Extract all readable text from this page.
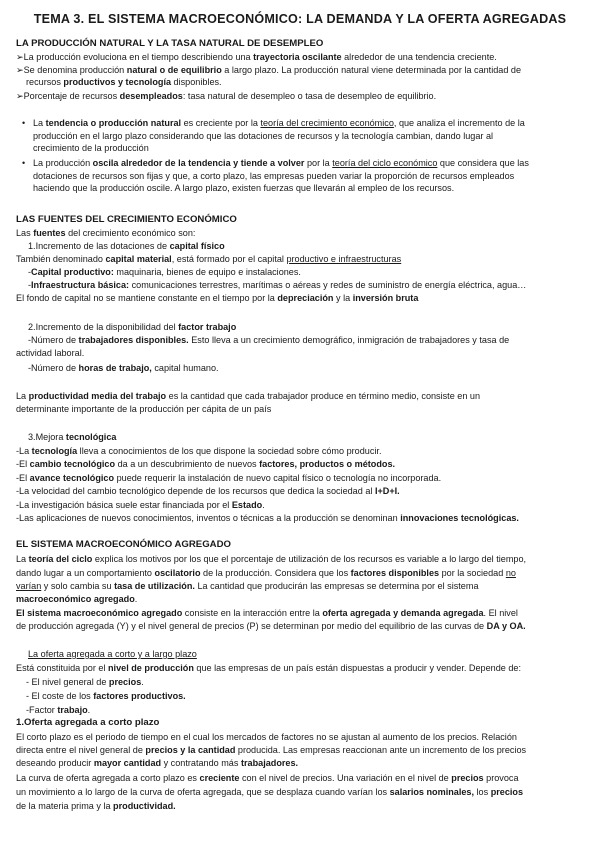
TEMA 3. EL SISTEMA MACROECONÓMICO: LA DEMANDA Y LA OFERTA AGREGADAS
LA PRODUCCIÓN NATURAL Y LA TASA NATURAL DE DESEMPLEO
➢La producción evoluciona en el tiempo describiendo una trayectoria oscilante alrededor de una tendencia creciente.
➢Se denomina producción natural o de equilibrio a largo plazo. La producción natural viene determinada por la cantidad de
recursos productivos y tecnología disponibles.
➢Porcentaje de recursos desempleados: tasa natural de desempleo o tasa de desempleo de equilibrio.
• La tendencia o producción natural es creciente por la teoría del crecimiento económico, que analiza el incremento de la
producción en el largo plazo considerando que las dotaciones de recursos y la tecnología cambian, dando lugar al
crecimiento de la producción
• La producción oscila alrededor de la tendencia y tiende a volver por la teoría del ciclo económico que considera que las
dotaciones de recursos son fijas y que, a corto plazo, las empresas pueden variar la proporción de recursos empleados
haciendo que la producción oscile. A largo plazo, existen fuerzas que llevarán al empleo de los recursos.
LAS FUENTES DEL CRECIMIENTO ECONÓMICO
Las fuentes del crecimiento económico son:
1.Incremento de las dotaciones de capital físico
También denominado capital material, está formado por el capital productivo e infraestructuras
-Capital productivo: maquinaria, bienes de equipo e instalaciones.
-Infraestructura básica: comunicaciones terrestres, marítimas o aéreas y redes de suministro de energía eléctrica, agua…
El fondo de capital no se mantiene constante en el tiempo por la depreciación y la inversión bruta
2.Incremento de la disponibilidad del factor trabajo
-Número de trabajadores disponibles. Esto lleva a un crecimiento demográfico, inmigración de trabajadores y tasa de
actividad laboral.
-Número de horas de trabajo, capital humano.
La productividad media del trabajo es la cantidad que cada trabajador produce en término medio, consiste en un
determinante importante de la producción per cápita de un país
3.Mejora tecnológica
-La tecnología lleva a conocimientos de los que dispone la sociedad sobre cómo producir.
-El cambio tecnológico da a un descubrimiento de nuevos factores, productos o métodos.
-El avance tecnológico puede requerir la instalación de nuevo capital físico o tecnología no incorporada.
-La velocidad del cambio tecnológico depende de los recursos que dedica la sociedad al I+D+I.
-La investigación básica suele estar financiada por el Estado.
-Las aplicaciones de nuevos conocimientos, inventos o técnicas a la producción se denominan innovaciones tecnológicas.
EL SISTEMA MACROECONÓMICO AGREGADO
La teoría del ciclo explica los motivos por los que el porcentaje de utilización de los recursos es variable a lo largo del tiempo,
dando lugar a un comportamiento oscilatorio de la producción. Considera que los factores disponibles por la sociedad no
varían y solo cambia su tasa de utilización. La cantidad que producirán las empresas se determina por el sistema
macroeconómico agregado.
El sistema macroeconómico agregado consiste en la interacción entre la oferta agregada y demanda agregada. El nivel
de producción agregada (Y) y el nivel general de precios (P) se determinan por medio del equilibrio de las curvas de DA y OA.
La oferta agregada a corto y a largo plazo
Está constituida por el nivel de producción que las empresas de un país están dispuestas a producir y vender. Depende de:
- El nivel general de precios.
- El coste de los factores productivos.
-Factor trabajo.
1.Oferta agregada a corto plazo
El corto plazo es el periodo de tiempo en el cual los mercados de factores no se ajustan al aumento de los precios. Relación
directa entre el nivel general de precios y la cantidad producida. Las empresas reaccionan ante un incremento de los precios
deseando producir mayor cantidad y contratando más trabajadores.
La curva de oferta agregada a corto plazo es creciente con el nivel de precios. Una variación en el nivel de precios provoca
un movimiento a lo largo de la curva de oferta agregada, que se desplaza cuando varían los salarios nominales, los precios
de la materia prima y la productividad.
